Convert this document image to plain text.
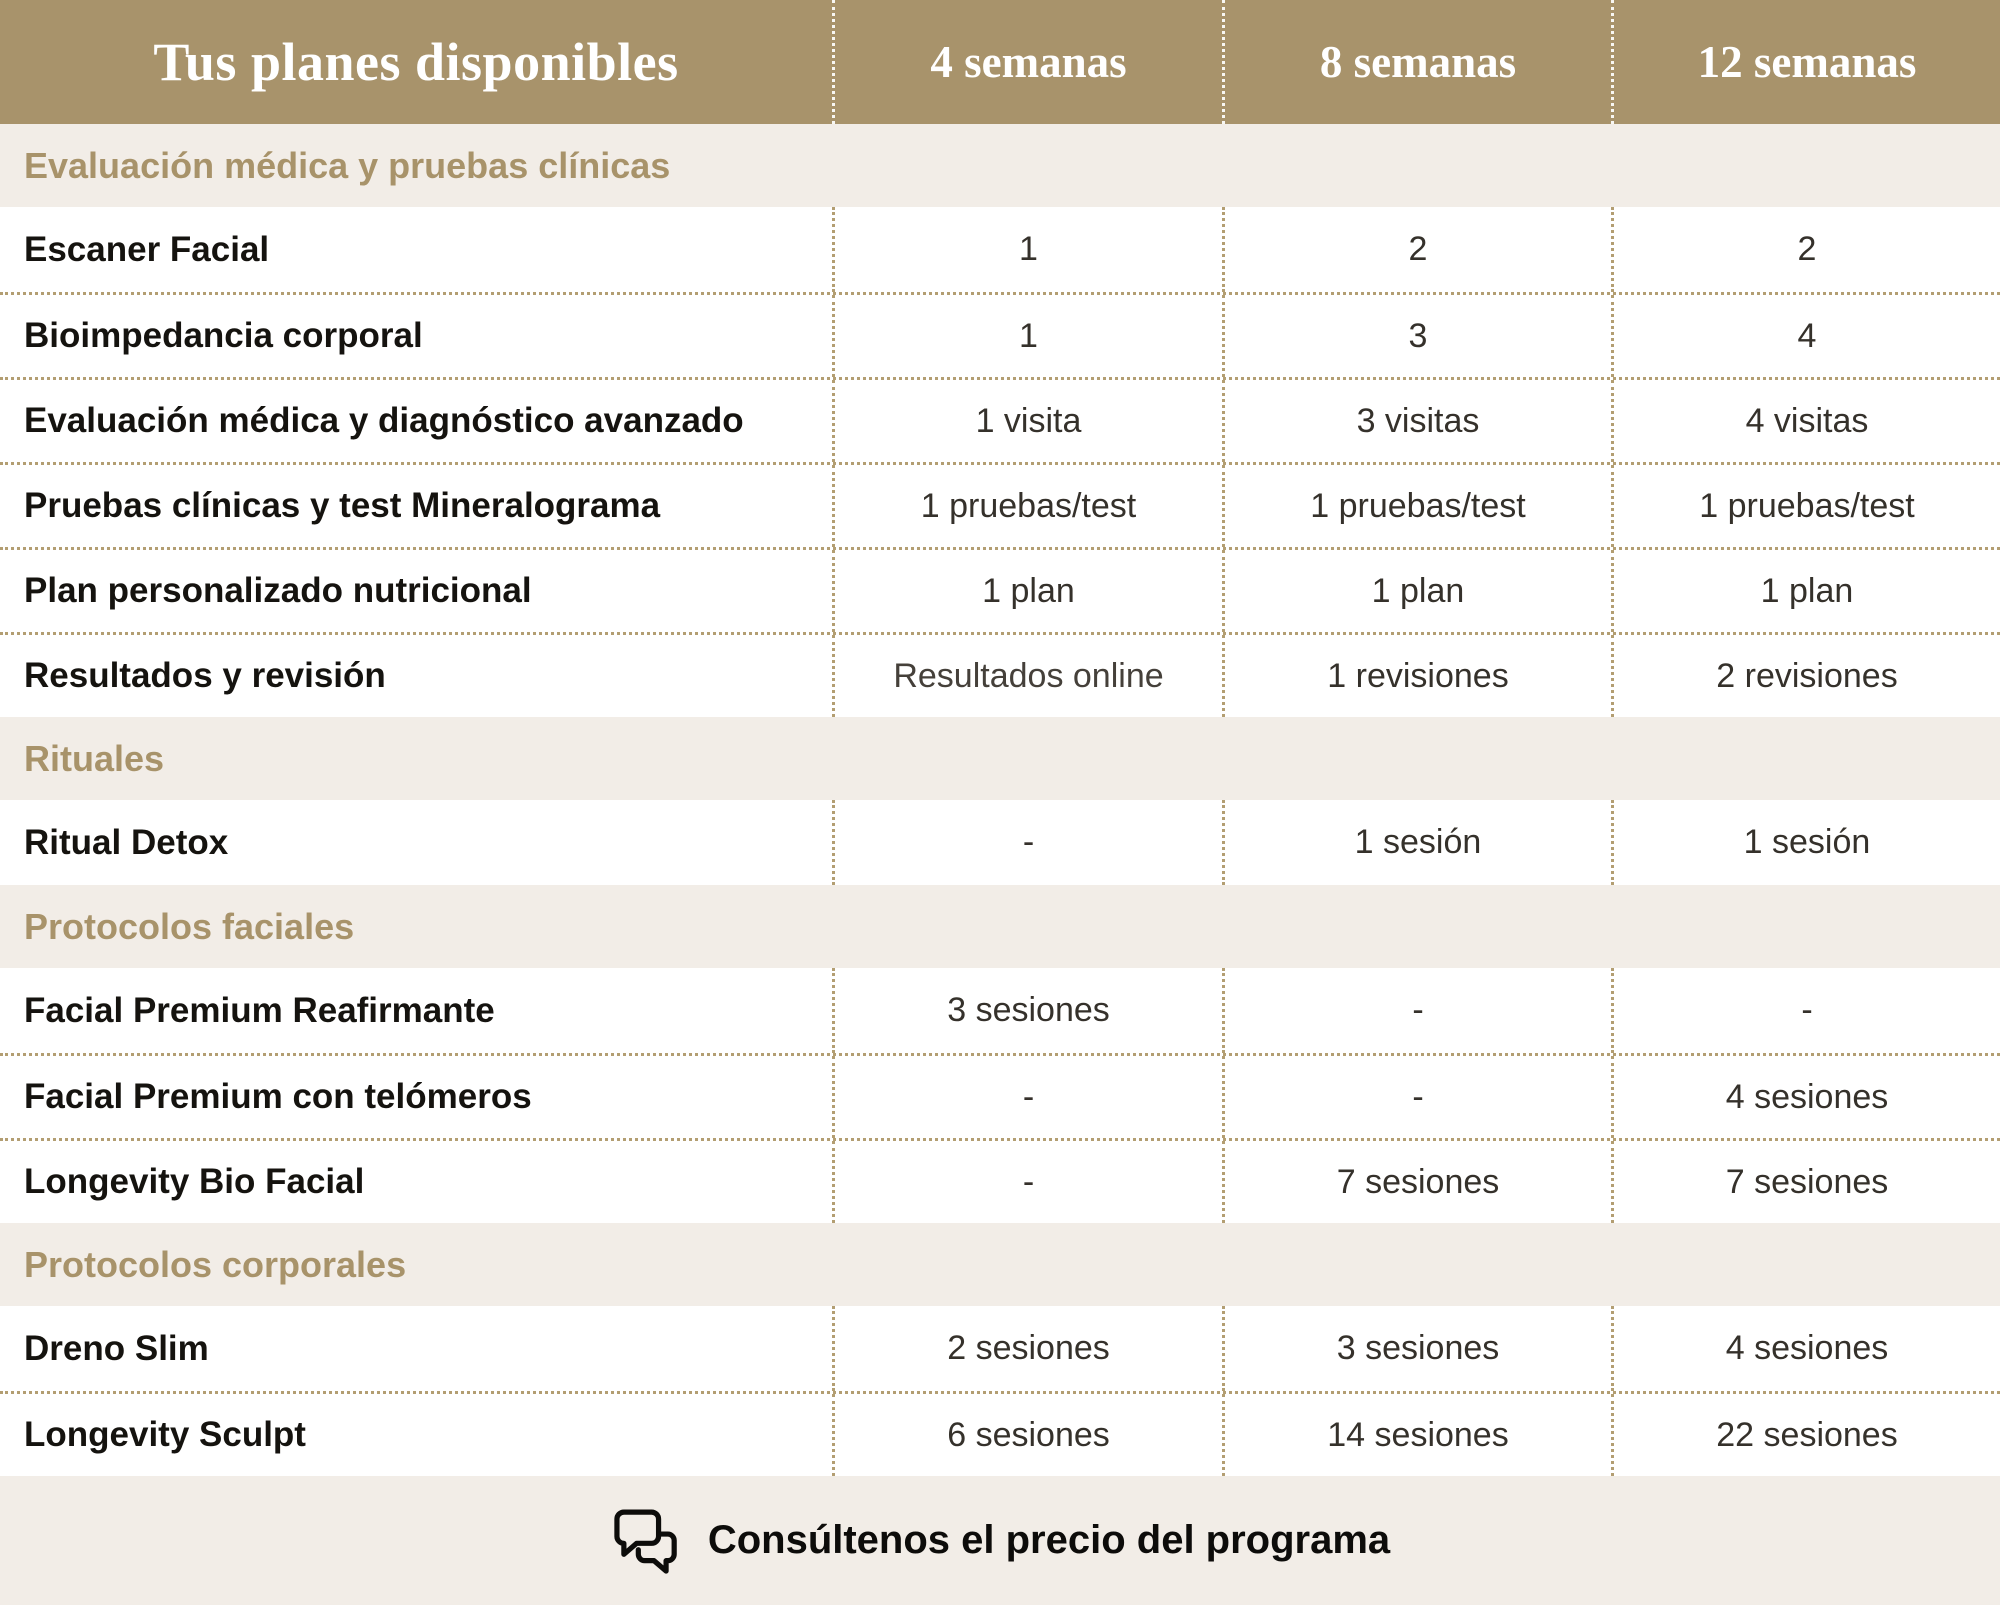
Tus planes disponibles	4 semanas	8 semanas	12 semanas
Evaluación médica y pruebas clínicas
Escaner Facial	1	2	2
Bioimpedancia corporal	1	3	4
Evaluación médica y diagnóstico avanzado	1 visita	3 visitas	4 visitas
Pruebas clínicas y test Mineralograma	1 pruebas/test	1 pruebas/test	1 pruebas/test
Plan personalizado nutricional	1 plan	1 plan	1 plan
Resultados y revisión	Resultados online	1 revisiones	2 revisiones
Rituales
Ritual Detox	-	1 sesión	1 sesión
Protocolos faciales
Facial Premium Reafirmante	3 sesiones	-	-
Facial Premium con telómeros	-	-	4 sesiones
Longevity Bio Facial	-	7 sesiones	7 sesiones
Protocolos corporales
Dreno Slim	2 sesiones	3 sesiones	4 sesiones
Longevity Sculpt	6 sesiones	14 sesiones	22 sesiones
Consúltenos el precio del programa
